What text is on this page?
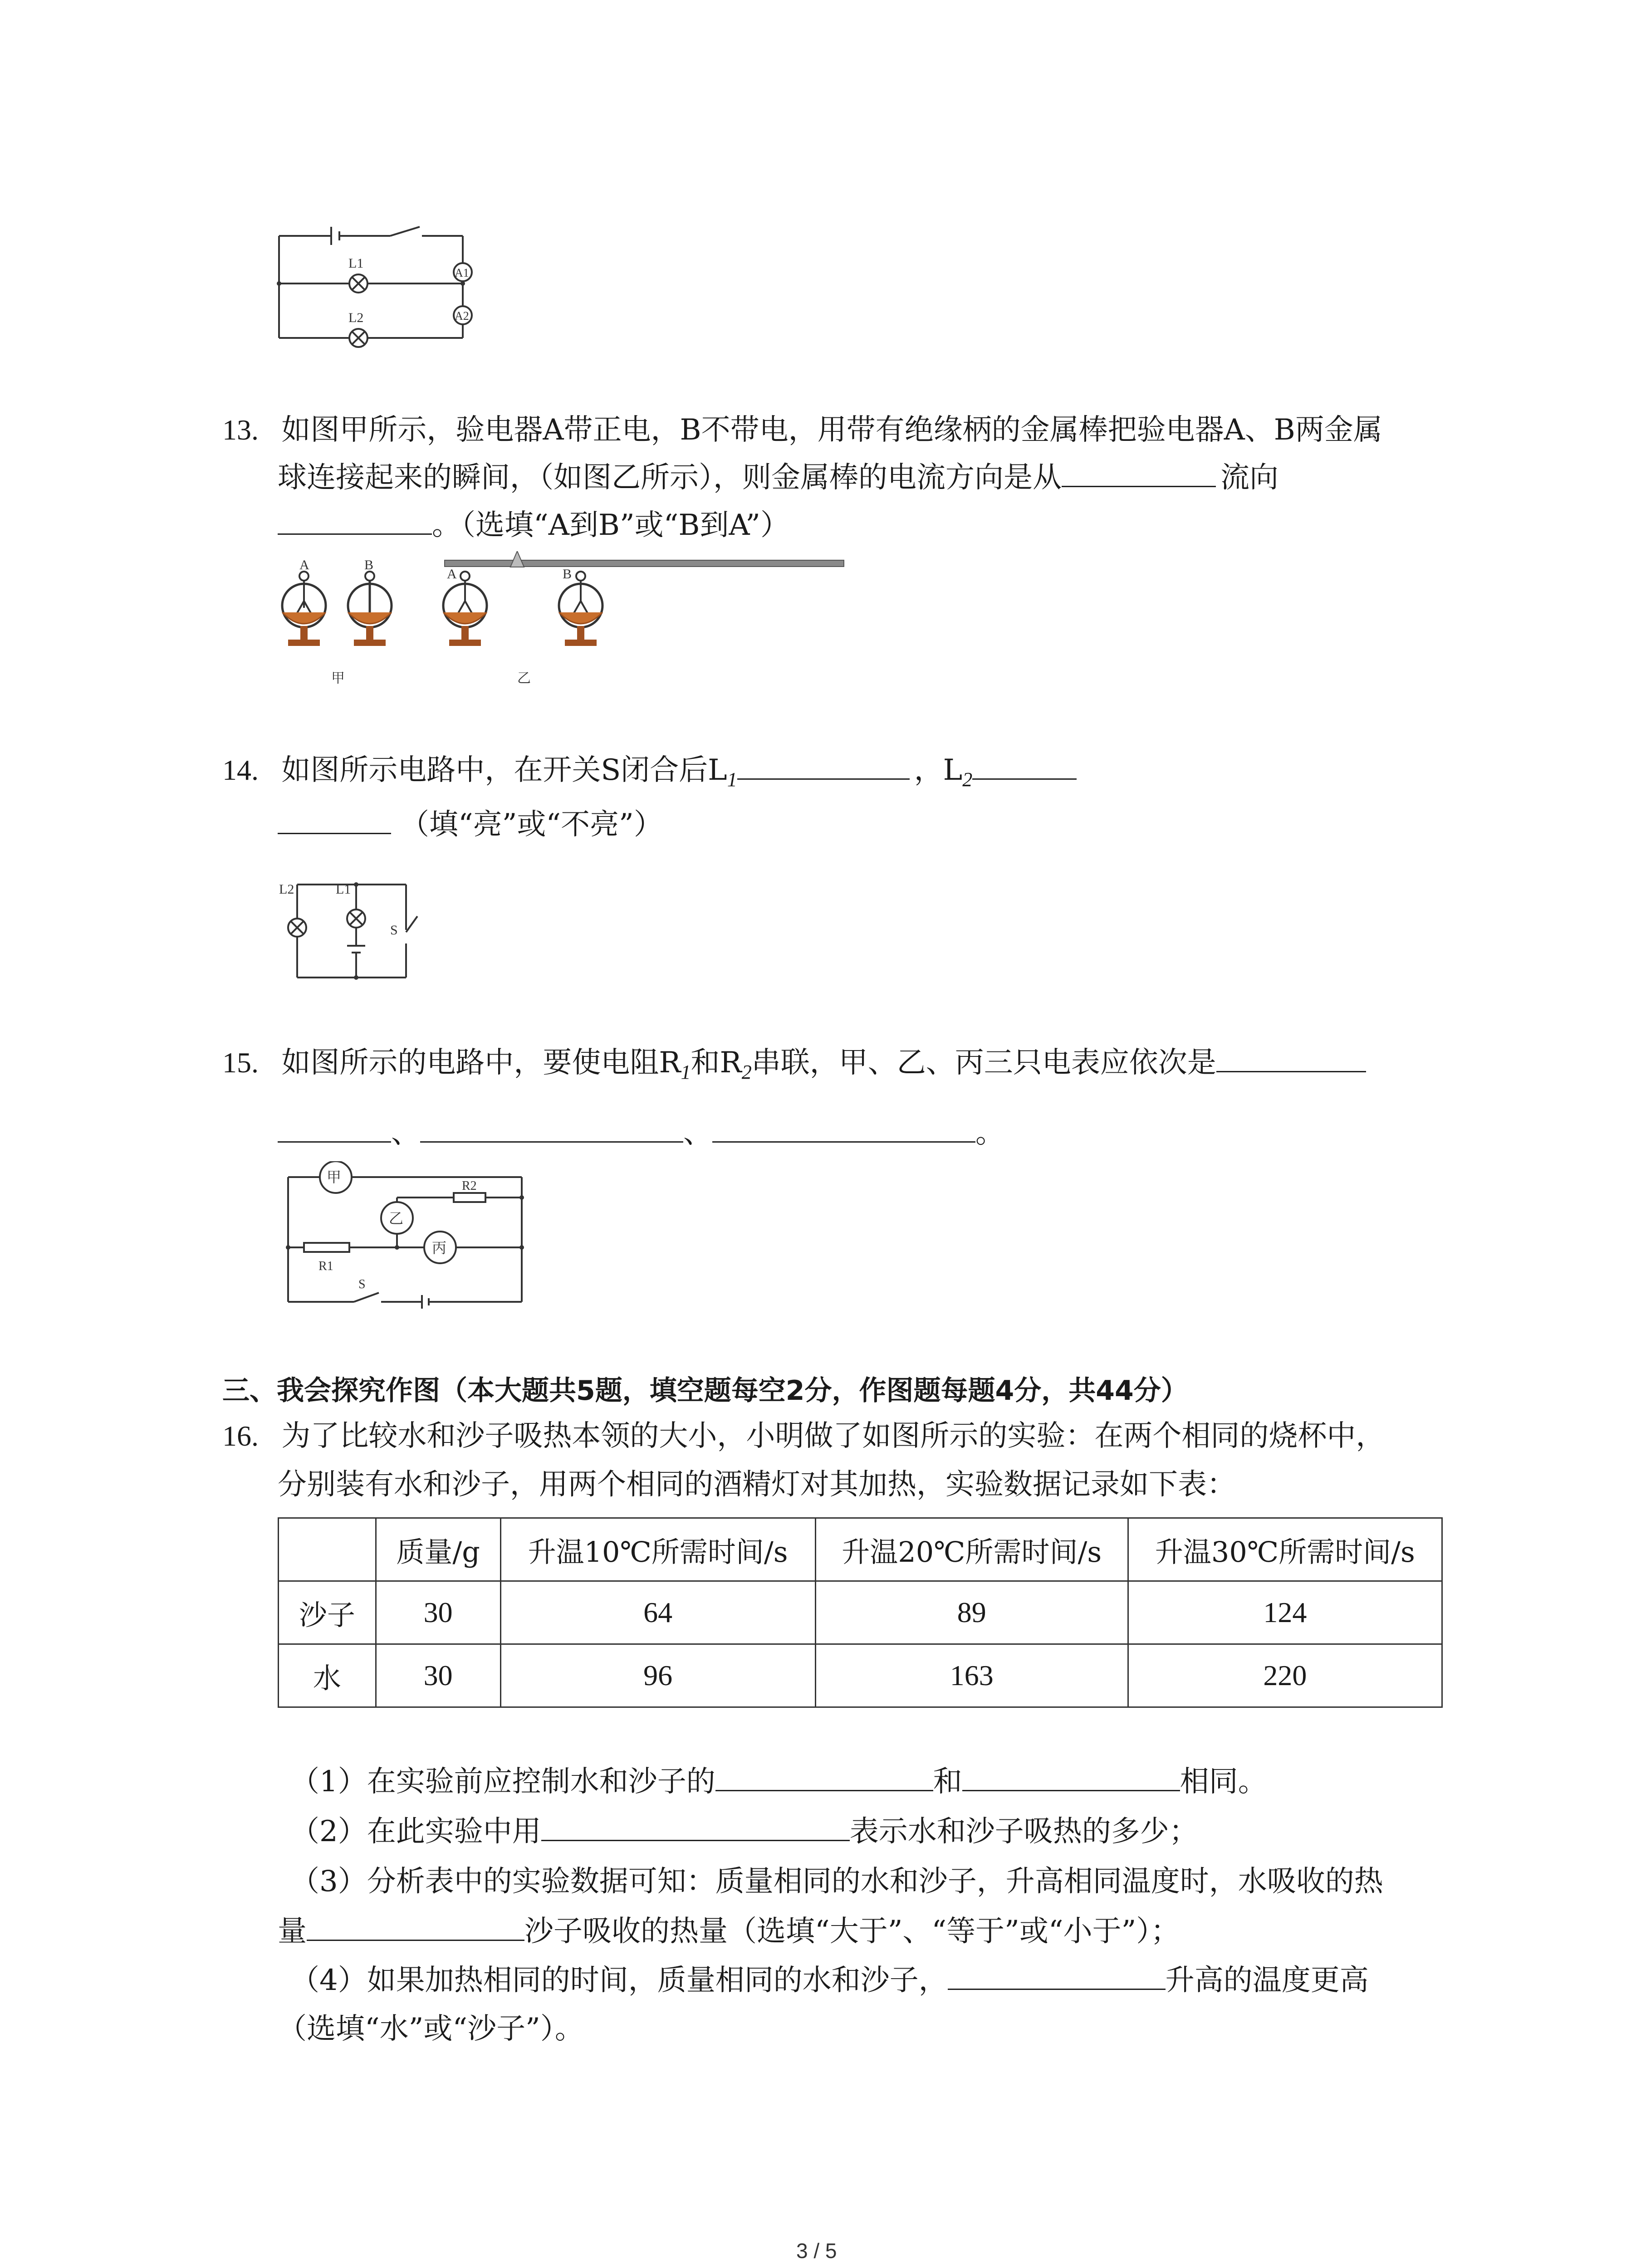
L1
L2
A1
A2
13. 如图甲所示，验电器A带正电，B不带电，用带有绝缘柄的金属棒把验电器A、B两金属
球连接起来的瞬间，（如图乙所示），则金属棒的电流方向是从	流向
。（选填“A到B”或“B到A”）
A	B
A	B
甲	乙
14. 如图所示电路中，在开关S闭合后$L_1$	，$L_2$
（填“亮”或“不亮”）
L2	L1
S
15. 如图所示的电路中，要使电阻$R_1$和$R_2$串联，甲、乙、丙三只电表应依次是
、	、	。
甲
乙
丙
R2
R1
S
三、我会探究作图（本大题共5题，填空题每空2分，作图题每题4分，共44分）
16. 为了比较水和沙子吸热本领的大小，小明做了如图所示的实验：在两个相同的烧杯中，
分别装有水和沙子，用两个相同的酒精灯对其加热，实验数据记录如下表：
	质量/g	升温10℃所需时间/s	升温20℃所需时间/s	升温30℃所需时间/s
沙子	30	64	89	124
水	30	96	163	220
（1）在实验前应控制水和沙子的	和	相同。
（2）在此实验中用	表示水和沙子吸热的多少；
（3）分析表中的实验数据可知：质量相同的水和沙子，升高相同温度时，水吸收的热
量	沙子吸收的热量（选填“大于”、“等于”或“小于”）；
（4）如果加热相同的时间，质量相同的水和沙子，	升高的温度更高
（选填“水”或“沙子”）。
3 / 5
